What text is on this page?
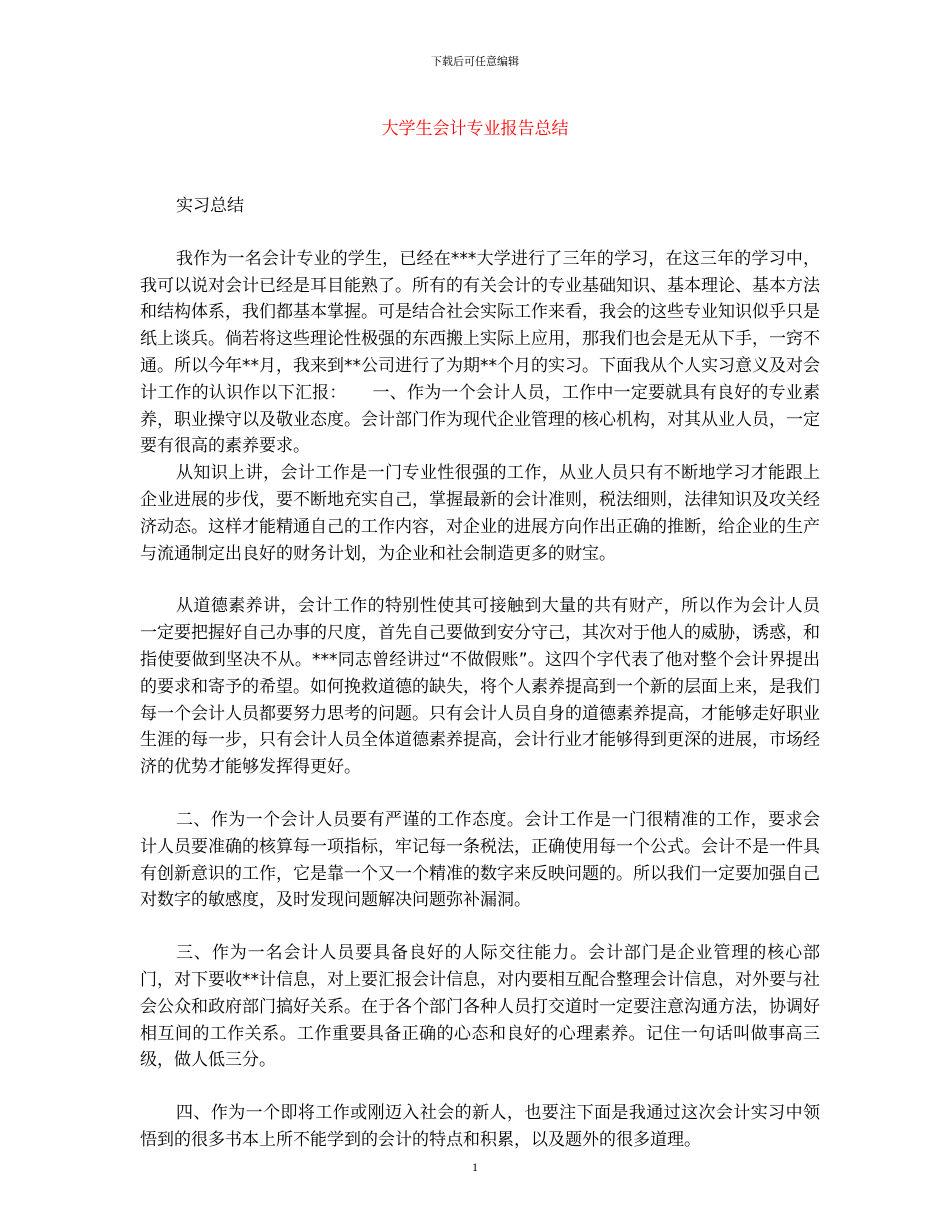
下载后可任意编辑
大学生会计专业报告总结

实习总结

我作为一名会计专业的学生，已经在***大学进行了三年的学习，在这三年的学习中，我可以说对会计已经是耳目能熟了。所有的有关会计的专业基础知识、基本理论、基本方法和结构体系，我们都基本掌握。可是结合社会实际工作来看，我会的这些专业知识似乎只是纸上谈兵。倘若将这些理论性极强的东西搬上实际上应用，那我们也会是无从下手，一窍不通。所以今年**月，我来到**公司进行了为期**个月的实习。下面我从个人实习意义及对会计工作的认识作以下汇报：　　一、作为一个会计人员，工作中一定要就具有良好的专业素养，职业操守以及敬业态度。会计部门作为现代企业管理的核心机构，对其从业人员，一定要有很高的素养要求。

从知识上讲，会计工作是一门专业性很强的工作，从业人员只有不断地学习才能跟上企业进展的步伐，要不断地充实自己，掌握最新的会计准则，税法细则，法律知识及攻关经济动态。这样才能精通自己的工作内容，对企业的进展方向作出正确的推断，给企业的生产与流通制定出良好的财务计划，为企业和社会制造更多的财宝。

从道德素养讲，会计工作的特别性使其可接触到大量的共有财产，所以作为会计人员一定要把握好自己办事的尺度，首先自己要做到安分守己，其次对于他人的威胁，诱惑，和指使要做到坚决不从。***同志曾经讲过“不做假账”。这四个字代表了他对整个会计界提出的要求和寄予的希望。如何挽救道德的缺失，将个人素养提高到一个新的层面上来，是我们每一个会计人员都要努力思考的问题。只有会计人员自身的道德素养提高，才能够走好职业生涯的每一步，只有会计人员全体道德素养提高，会计行业才能够得到更深的进展，市场经济的优势才能够发挥得更好。

二、作为一个会计人员要有严谨的工作态度。会计工作是一门很精准的工作，要求会计人员要准确的核算每一项指标，牢记每一条税法，正确使用每一个公式。会计不是一件具有创新意识的工作，它是靠一个又一个精准的数字来反映问题的。所以我们一定要加强自己对数字的敏感度，及时发现问题解决问题弥补漏洞。

三、作为一名会计人员要具备良好的人际交往能力。会计部门是企业管理的核心部门，对下要收**计信息，对上要汇报会计信息，对内要相互配合整理会计信息，对外要与社会公众和政府部门搞好关系。在于各个部门各种人员打交道时一定要注意沟通方法，协调好相互间的工作关系。工作重要具备正确的心态和良好的心理素养。记住一句话叫做事高三级，做人低三分。

四、作为一个即将工作或刚迈入社会的新人，也要注下面是我通过这次会计实习中领悟到的很多书本上所不能学到的会计的特点和积累，以及题外的很多道理。

1
